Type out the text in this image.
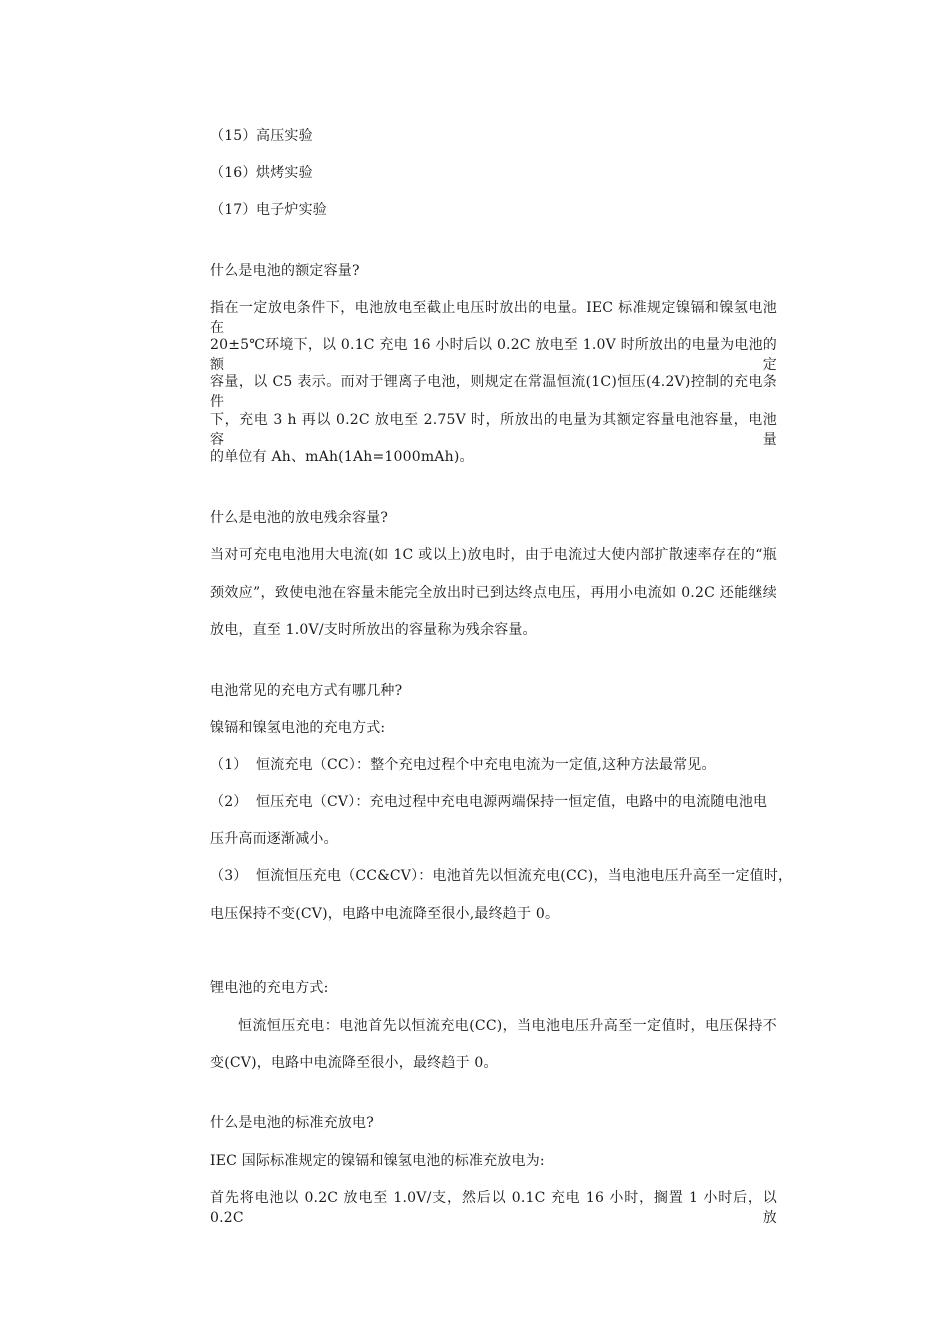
（15）高压实验
（16）烘烤实验
（17）电子炉实验
什么是电池的额定容量?
指在一定放电条件下，电池放电至截止电压时放出的电量。IEC 标准规定镍镉和镍氢电池在
20±5℃环境下，以 0.1C 充电 16 小时后以 0.2C 放电至 1.0V 时所放出的电量为电池的额定
容量，以 C5 表示。而对于锂离子电池，则规定在常温恒流(1C)恒压(4.2V)控制的充电条件
下，充电 3 h 再以 0.2C 放电至 2.75V 时，所放出的电量为其额定容量电池容量，电池容量
的单位有 Ah、mAh(1Ah=1000mAh)。
什么是电池的放电残余容量?
当对可充电电池用大电流(如 1C 或以上)放电时，由于电流过大使内部扩散速率存在的“瓶
颈效应”，致使电池在容量未能完全放出时已到达终点电压，再用小电流如 0.2C 还能继续
放电，直至 1.0V/支时所放出的容量称为残余容量。
电池常见的充电方式有哪几种?
镍镉和镍氢电池的充电方式:
（1） 恒流充电（CC）：整个充电过程个中充电电流为一定值,这种方法最常见。
（2） 恒压充电（CV）：充电过程中充电电源两端保持一恒定值，电路中的电流随电池电
压升高而逐渐减小。
（3） 恒流恒压充电（CC&CV）：电池首先以恒流充电(CC)，当电池电压升高至一定值时，
电压保持不变(CV)，电路中电流降至很小,最终趋于 0。
锂电池的充电方式:
恒流恒压充电：电池首先以恒流充电(CC)，当电池电压升高至一定值时，电压保持不
变(CV)，电路中电流降至很小，最终趋于 0。
什么是电池的标准充放电?
IEC 国际标准规定的镍镉和镍氢电池的标准充放电为:
首先将电池以 0.2C 放电至 1.0V/支，然后以 0.1C 充电 16 小时，搁置 1 小时后，以 0.2C 放
